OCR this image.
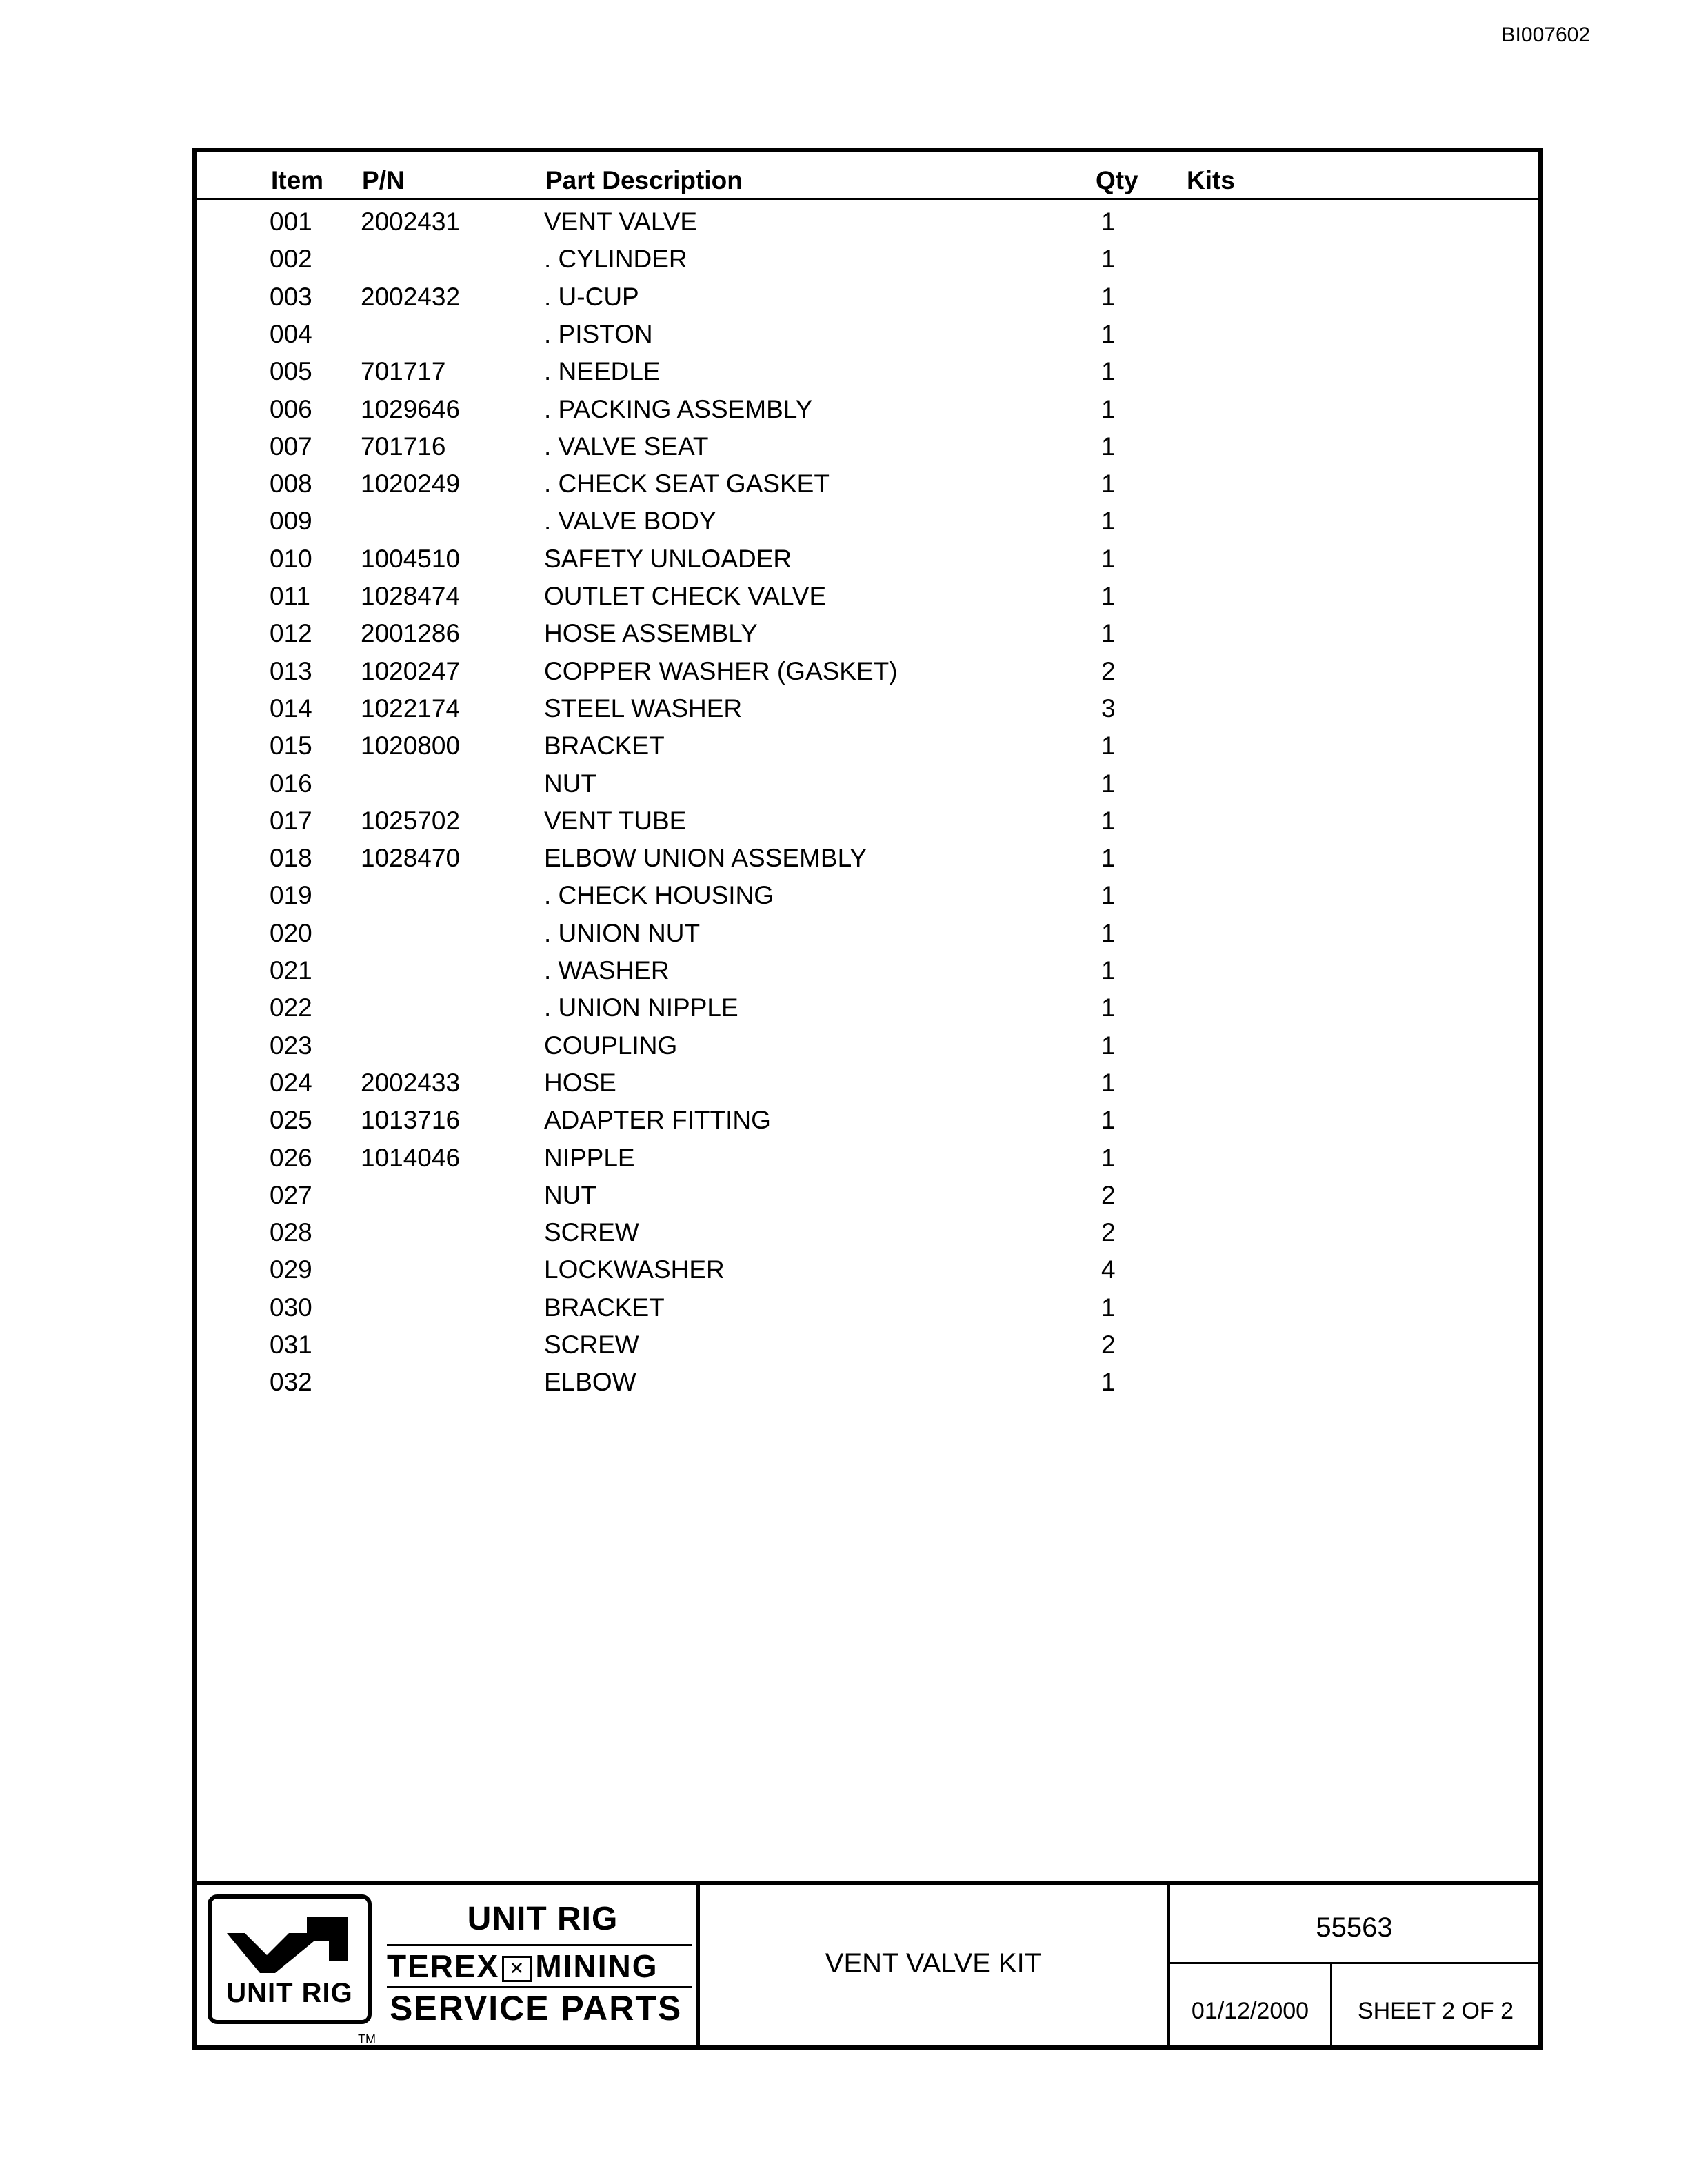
BI007602
Item P/N	Part Description	Qty Kits
001 2002431	VENT VALVE	1
002	. CYLINDER	1
003 2002432	. U-CUP	1
004	. PISTON	1
005 701717	. NEEDLE	1
006 1029646	. PACKING ASSEMBLY	1
007 701716	. VALVE SEAT	1
008 1020249	. CHECK SEAT GASKET	1
009	. VALVE BODY	1
010 1004510	SAFETY UNLOADER	1
011 1028474	OUTLET CHECK VALVE	1
012 2001286	HOSE ASSEMBLY	1
013 1020247	COPPER WASHER (GASKET)	2
014 1022174	STEEL WASHER	3
015 1020800	BRACKET	1
016	NUT	1
017 1025702	VENT TUBE	1
018 1028470	ELBOW UNION ASSEMBLY	1
019	. CHECK HOUSING	1
020	. UNION NUT	1
021	. WASHER	1
022	. UNION NIPPLE	1
023	COUPLING	1
024 2002433	HOSE	1
025 1013716	ADAPTER FITTING	1
026 1014046	NIPPLE	1
027	NUT	2
028	SCREW	2
029	LOCKWASHER	4
030	BRACKET	1
031	SCREW	2
032	ELBOW	1
UNIT RIG
TM
UNIT RIG
TEREX ✕ MINING
SERVICE PARTS
VENT VALVE KIT
55563
01/12/2000	SHEET 2 OF 2
